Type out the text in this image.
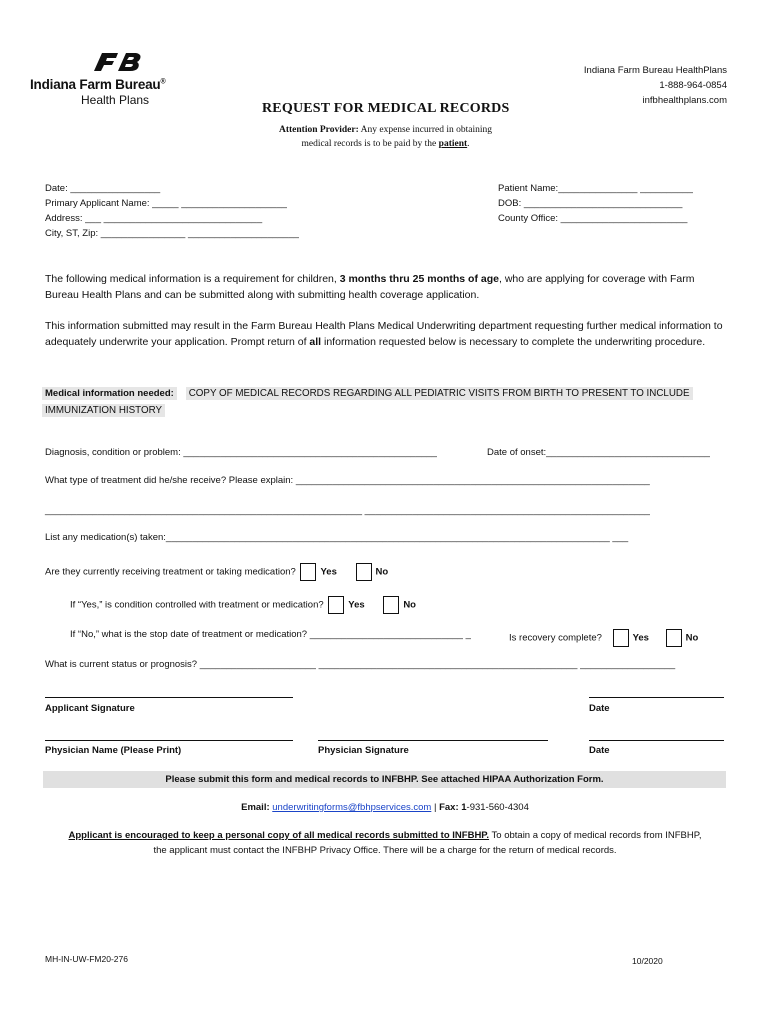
Indiana Farm Bureau®
Health Plans
Indiana Farm Bureau HealthPlans
1-888-964-0854
infbhealthplans.com
REQUEST FOR MEDICAL RECORDS
Attention Provider: Any expense incurred in obtaining
medical records is to be paid by the patient.
Date: _________________
Primary Applicant Name: _____ ____________________
Address: ___ ______________________________
City, ST, Zip: ________________ _____________________
Patient Name:_______________ __________
DOB: ______________________________
County Office: ________________________
The following medical information is a requirement for children, 3 months thru 25 months of age, who are applying for coverage with Farm Bureau Health Plans and can be submitted along with submitting health coverage application.
This information submitted may result in the Farm Bureau Health Plans Medical Underwriting department requesting further medical information to adequately underwrite your application. Prompt return of all information requested below is necessary to complete the underwriting procedure.
Medical information needed: COPY OF MEDICAL RECORDS REGARDING ALL PEDIATRIC VISITS FROM BIRTH TO PRESENT TO INCLUDE
IMMUNIZATION HISTORY
Diagnosis, condition or problem: ________________________________________________	Date of onset:_______________________________
What type of treatment did he/she receive? Please explain: ___________________________________________________________________
____________________________________________________________ ______________________________________________________
List any medication(s) taken:____________________________________________________________________________________ ___
Are they currently receiving treatment or taking medication?	Yes	No
If “Yes,” is condition controlled with treatment or medication?	Yes	No
If “No,” what is the stop date of treatment or medication? _____________________________ _	Is recovery complete?	Yes	No
What is current status or prognosis? ______________________ _________________________________________________ __________________
Applicant Signature	Date
Physician Name (Please Print)	Physician Signature	Date
Please submit this form and medical records to INFBHP. See attached HIPAA Authorization Form.
Email: underwritingforms@fbhpservices.com | Fax: 1-931-560-4304
Applicant is encouraged to keep a personal copy of all medical records submitted to INFBHP. To obtain a copy of medical records from INFBHP,
the applicant must contact the INFBHP Privacy Office. There will be a charge for the return of medical records.
MH-IN-UW-FM20-276	10/2020
